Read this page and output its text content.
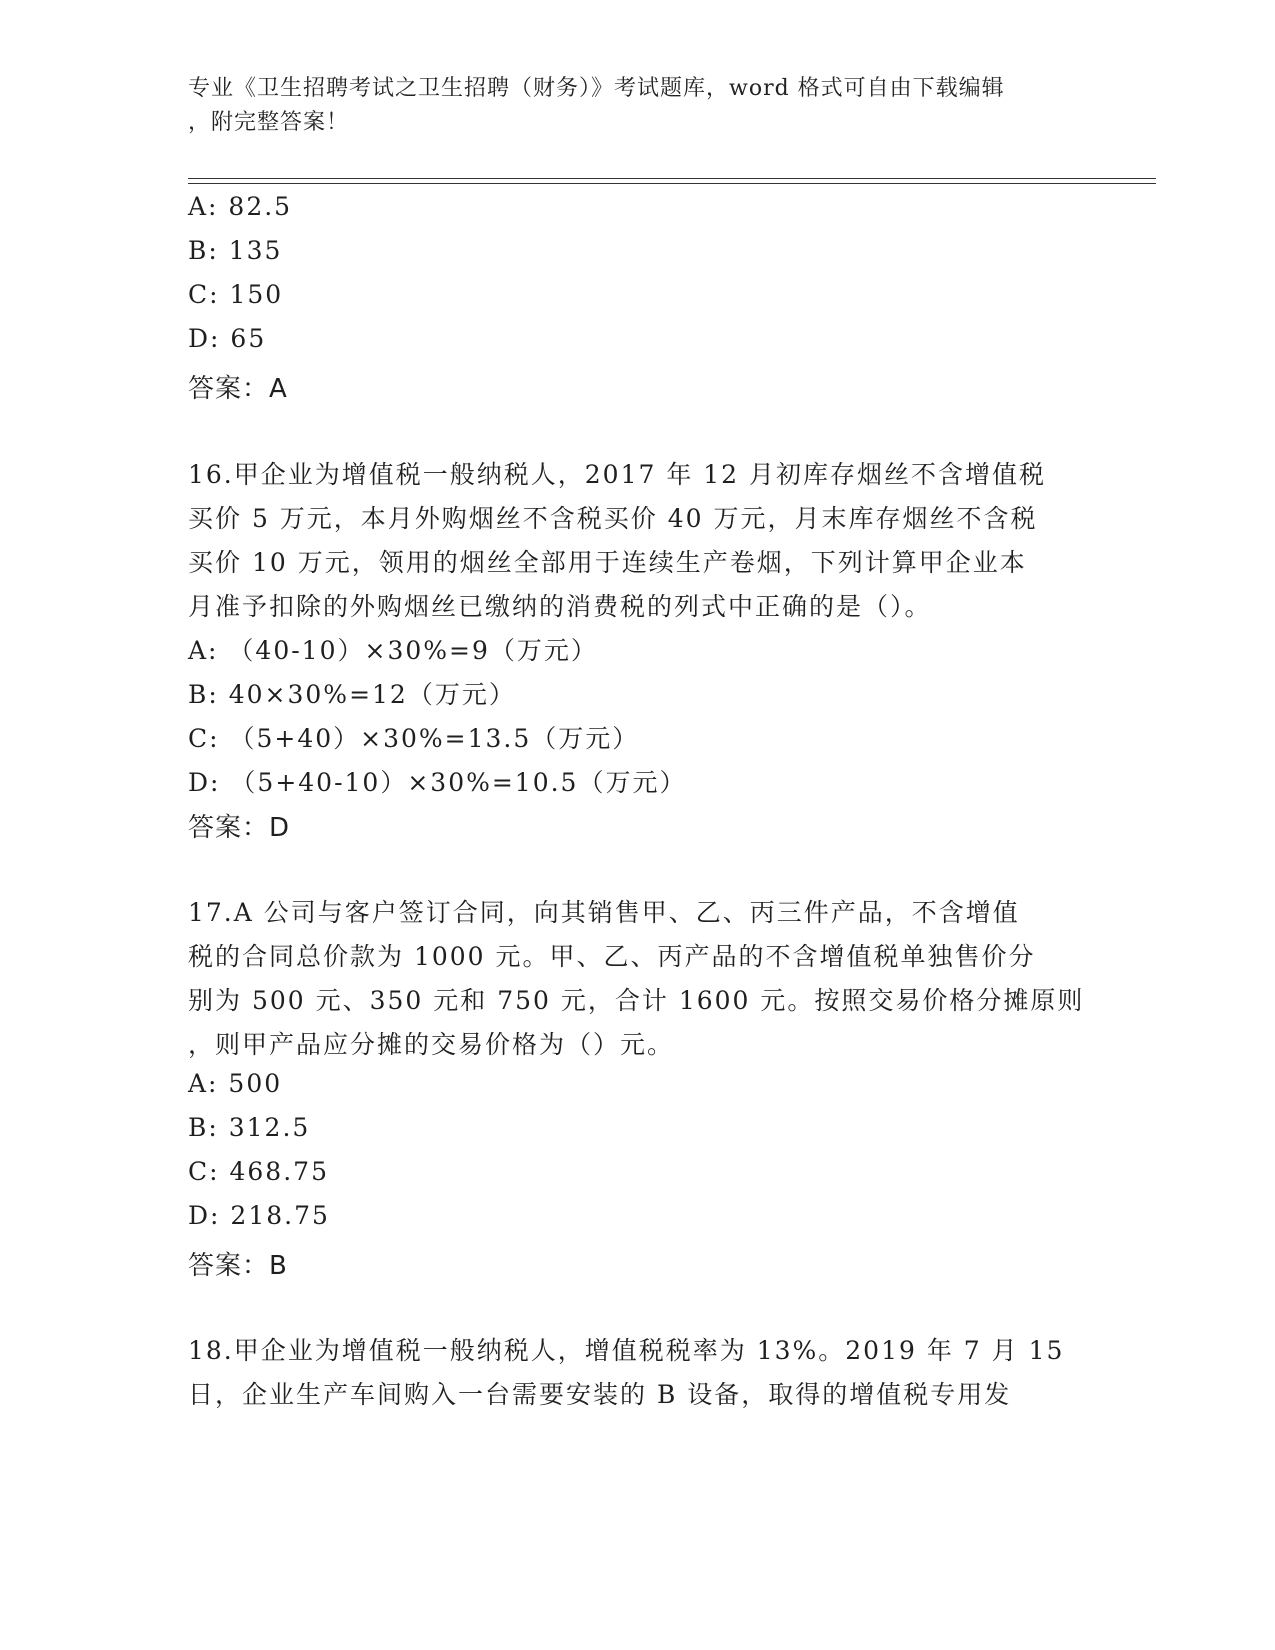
专业《卫生招聘考试之卫生招聘（财务）》考试题库，word 格式可自由下载编辑
，附完整答案！
A: 82.5
B: 135
C: 150
D: 65
答案：A
16.甲企业为增值税一般纳税人，2017 年 12 月初库存烟丝不含增值税
买价 5 万元，本月外购烟丝不含税买价 40 万元，月末库存烟丝不含税
买价 10 万元，领用的烟丝全部用于连续生产卷烟，下列计算甲企业本
月准予扣除的外购烟丝已缴纳的消费税的列式中正确的是（）。
A: （40-10）×30%=9（万元）
B: 40×30%=12（万元）
C: （5+40）×30%=13.5（万元）
D: （5+40-10）×30%=10.5（万元）
答案：D
17.A 公司与客户签订合同，向其销售甲、乙、丙三件产品，不含增值
税的合同总价款为 1000 元。甲、乙、丙产品的不含增值税单独售价分
别为 500 元、350 元和 750 元，合计 1600 元。按照交易价格分摊原则
，则甲产品应分摊的交易价格为（）元。
A: 500
B: 312.5
C: 468.75
D: 218.75
答案：B
18.甲企业为增值税一般纳税人，增值税税率为 13%。2019 年 7 月 15
日，企业生产车间购入一台需要安装的 B 设备，取得的增值税专用发
